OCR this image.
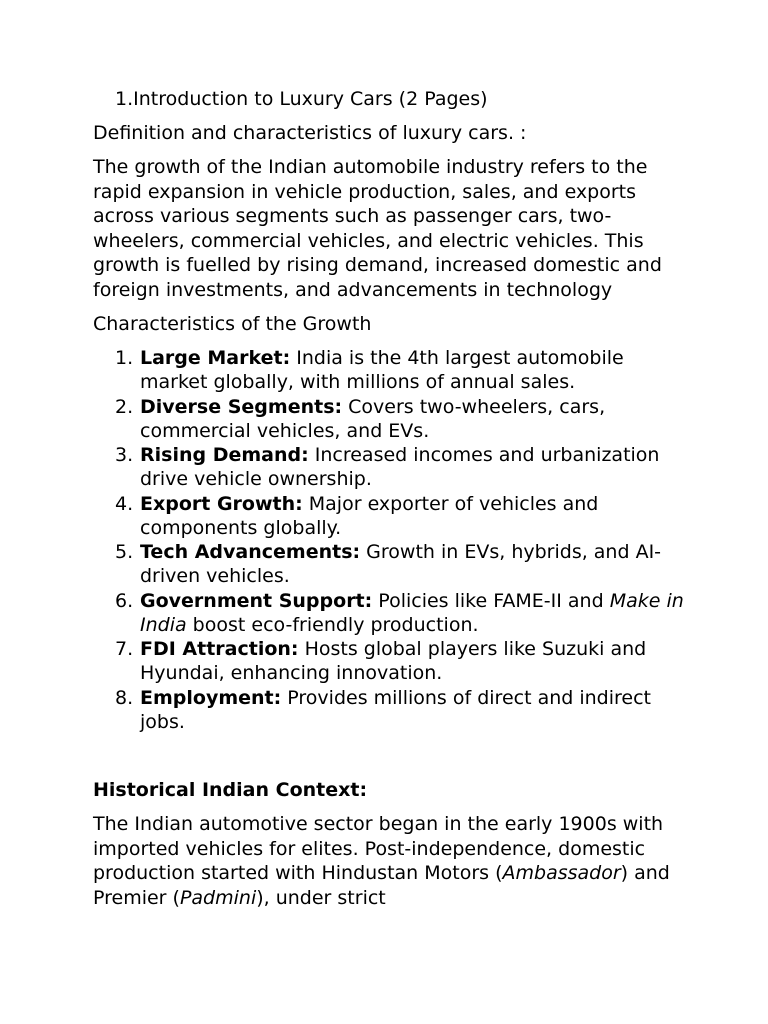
1.Introduction to Luxury Cars (2 Pages)

Definition and characteristics of luxury cars. :

The growth of the Indian automobile industry refers to the rapid expansion in vehicle production, sales, and exports across various segments such as passenger cars, two-wheelers, commercial vehicles, and electric vehicles. This growth is fuelled by rising demand, increased domestic and foreign investments, and advancements in technology

Characteristics of the Growth

1. Large Market: India is the 4th largest automobile market globally, with millions of annual sales.
2. Diverse Segments: Covers two-wheelers, cars, commercial vehicles, and EVs.
3. Rising Demand: Increased incomes and urbanization drive vehicle ownership.
4. Export Growth: Major exporter of vehicles and components globally.
5. Tech Advancements: Growth in EVs, hybrids, and AI-driven vehicles.
6. Government Support: Policies like FAME-II and Make in India boost eco-friendly production.
7. FDI Attraction: Hosts global players like Suzuki and Hyundai, enhancing innovation.
8. Employment: Provides millions of direct and indirect jobs.

Historical Indian Context:

The Indian automotive sector began in the early 1900s with imported vehicles for elites. Post-independence, domestic production started with Hindustan Motors (Ambassador) and Premier (Padmini), under strict
